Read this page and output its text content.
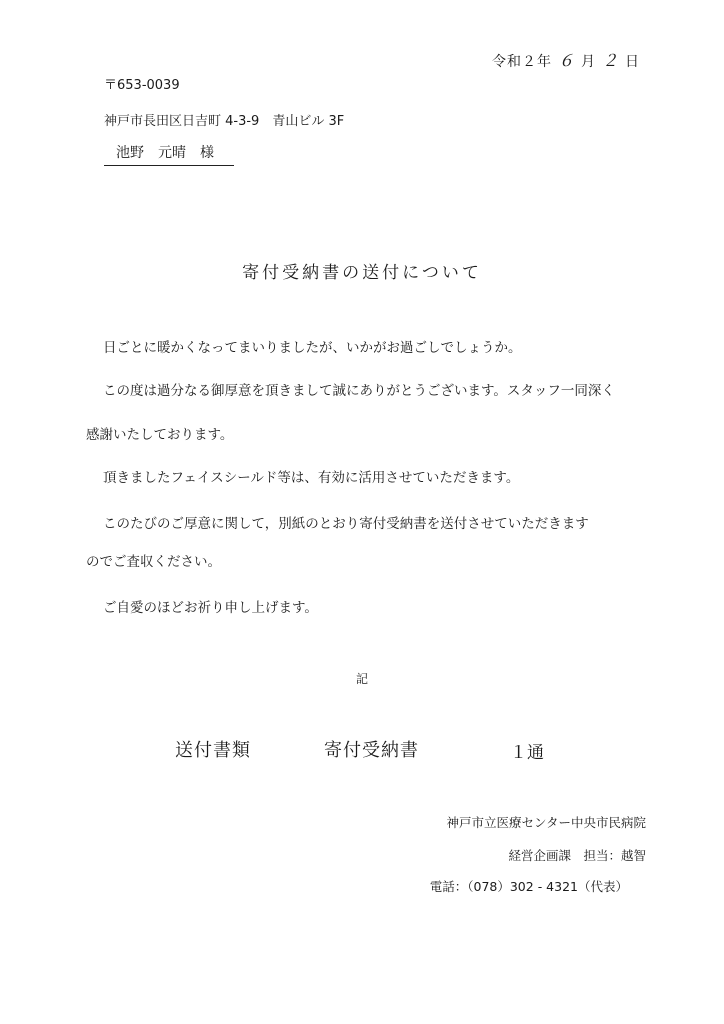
令和２年 ６ 月 ２ 日
〒653-0039
神戸市長田区日吉町 4-3-9　青山ビル 3F
池野　元晴　様
寄付受納書の送付について

日ごとに暖かくなってまいりましたが、いかがお過ごしでしょうか。

この度は過分なる御厚意を頂きまして誠にありがとうございます。スタッフ一同深く

感謝いたしております。

頂きましたフェイスシールド等は、有効に活用させていただきます。

このたびのご厚意に関して，別紙のとおり寄付受納書を送付させていただきます

のでご査収ください。

ご自愛のほどお祈り申し上げます。

記
送付書類	寄付受納書	１通
神戸市立医療センター中央市民病院
経営企画課　担当：越智
電話：（078）302 - 4321（代表）
